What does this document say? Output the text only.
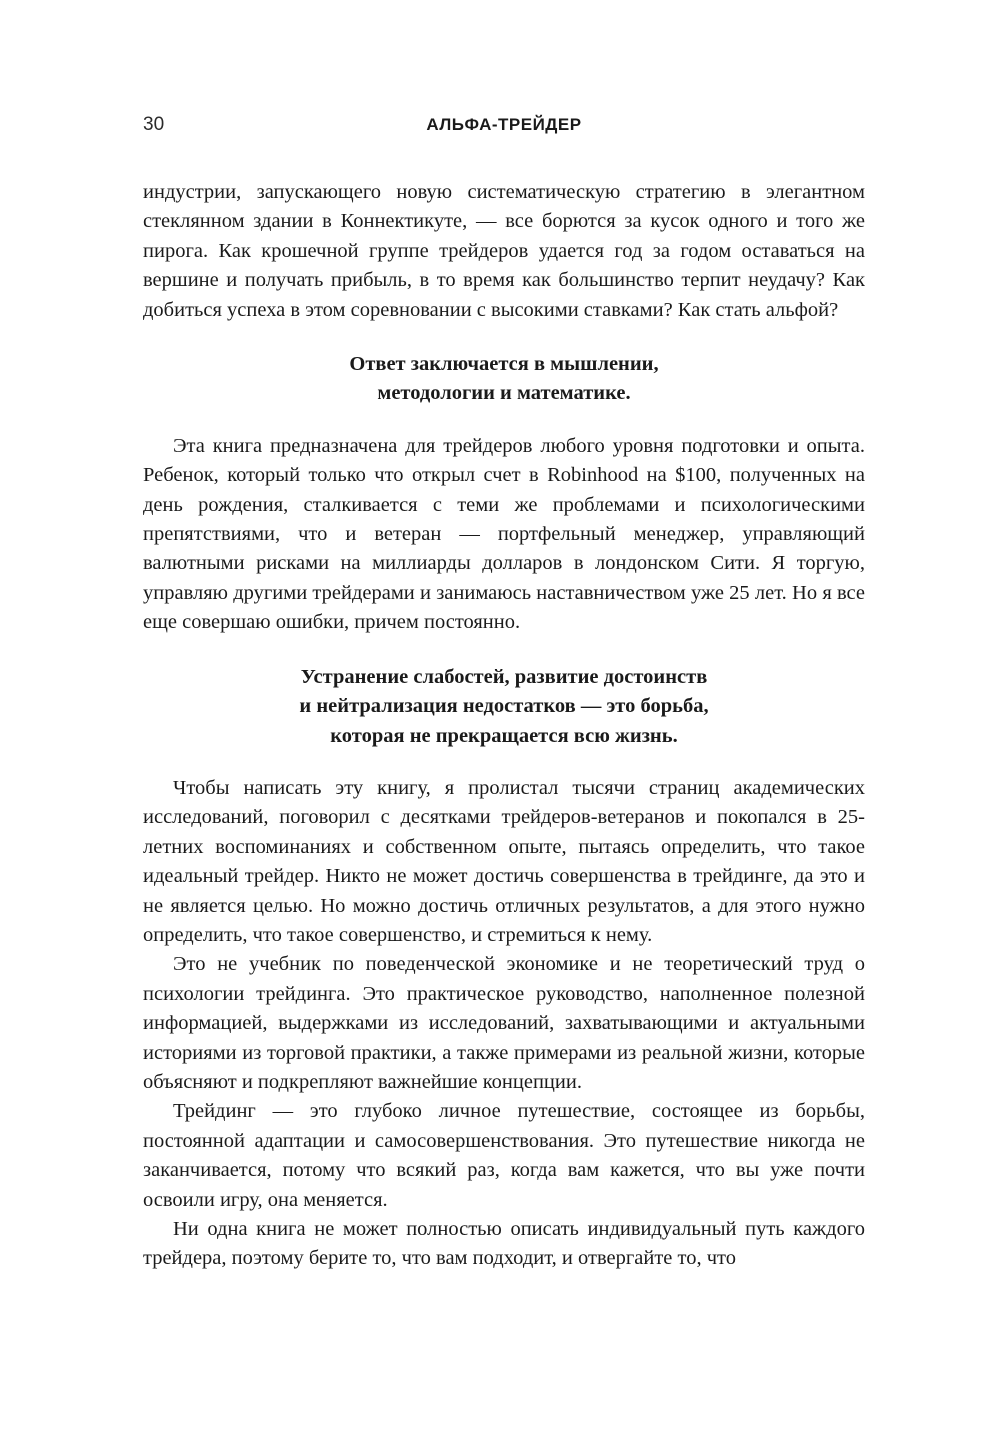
30	АЛЬФА-ТРЕЙДЕР

индустрии, запускающего новую систематическую стратегию в элегантном стеклянном здании в Коннектикуте, — все борются за кусок одного и того же пирога. Как крошечной группе трейдеров удается год за годом оставаться на вершине и получать прибыль, в то время как большинство терпит неудачу? Как добиться успеха в этом соревновании с высокими ставками? Как стать альфой?

Ответ заключается в мышлении,
методологии и математике.

Эта книга предназначена для трейдеров любого уровня подготовки и опыта. Ребенок, который только что открыл счет в Robinhood на $100, полученных на день рождения, сталкивается с теми же проблемами и психологическими препятствиями, что и ветеран — портфельный менеджер, управляющий валютными рисками на миллиарды долларов в лондонском Сити. Я торгую, управляю другими трейдерами и занимаюсь наставничеством уже 25 лет. Но я все еще совершаю ошибки, причем постоянно.

Устранение слабостей, развитие достоинств
и нейтрализация недостатков — это борьба,
которая не прекращается всю жизнь.

Чтобы написать эту книгу, я пролистал тысячи страниц академических исследований, поговорил с десятками трейдеров-ветеранов и покопался в 25-летних воспоминаниях и собственном опыте, пытаясь определить, что такое идеальный трейдер. Никто не может достичь совершенства в трейдинге, да это и не является целью. Но можно достичь отличных результатов, а для этого нужно определить, что такое совершенство, и стремиться к нему.

Это не учебник по поведенческой экономике и не теоретический труд о психологии трейдинга. Это практическое руководство, наполненное полезной информацией, выдержками из исследований, захватывающими и актуальными историями из торговой практики, а также примерами из реальной жизни, которые объясняют и подкрепляют важнейшие концепции.

Трейдинг — это глубоко личное путешествие, состоящее из борьбы, постоянной адаптации и самосовершенствования. Это путешествие никогда не заканчивается, потому что всякий раз, когда вам кажется, что вы уже почти освоили игру, она меняется.

Ни одна книга не может полностью описать индивидуальный путь каждого трейдера, поэтому берите то, что вам подходит, и отвергайте то, что
